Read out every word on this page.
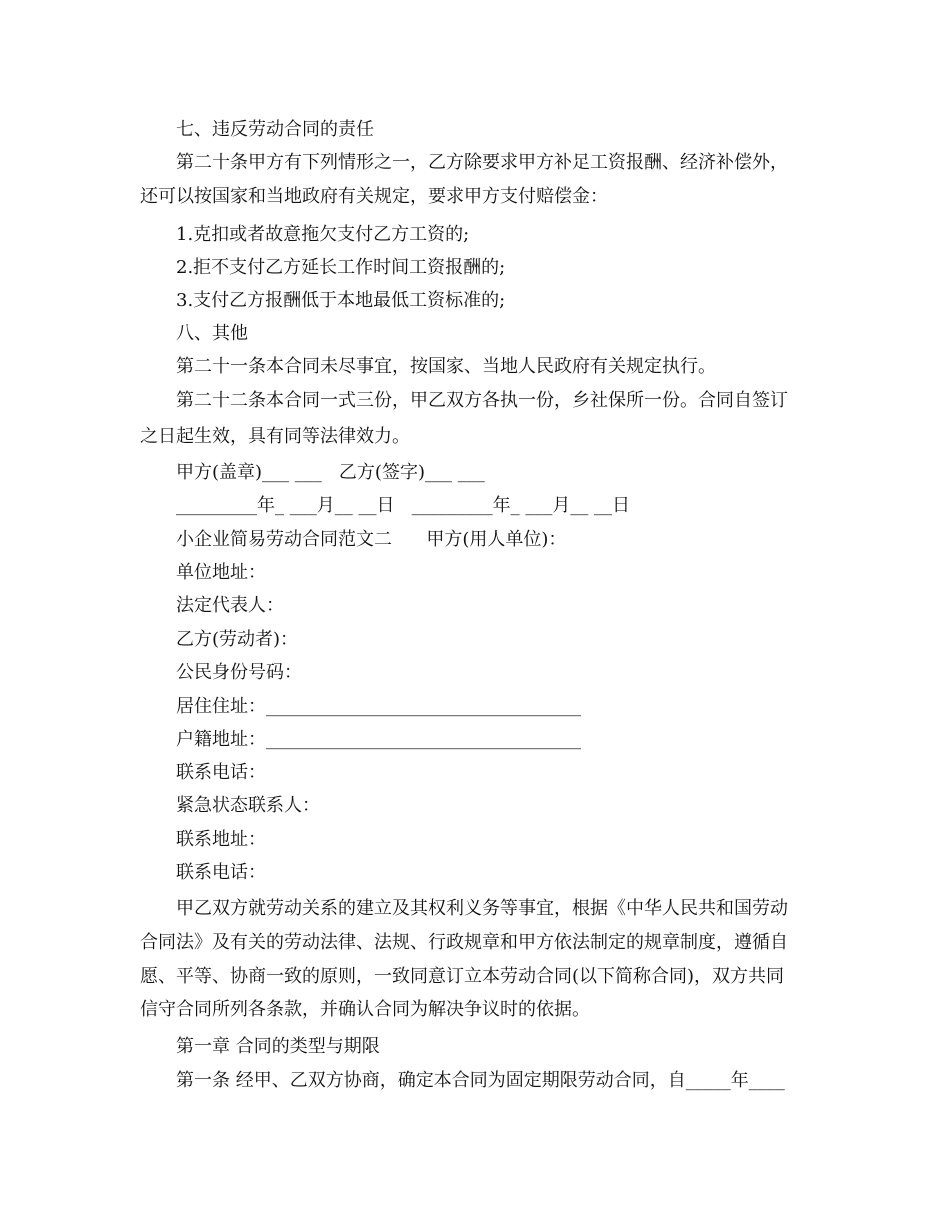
七、违反劳动合同的责任
第二十条甲方有下列情形之一，乙方除要求甲方补足工资报酬、经济补偿外，
还可以按国家和当地政府有关规定，要求甲方支付赔偿金：
1.克扣或者故意拖欠支付乙方工资的;
2.拒不支付乙方延长工作时间工资报酬的;
3.支付乙方报酬低于本地最低工资标准的;
八、其他
第二十一条本合同未尽事宜，按国家、当地人民政府有关规定执行。
第二十二条本合同一式三份，甲乙双方各执一份，乡社保所一份。合同自签订
之日起生效，具有同等法律效力。
甲方(盖章)___ ___   乙方(签字)___ ___
_________年_ ___月__ __日   _________年_ ___月__ __日
小企业简易劳动合同范文二      甲方(用人单位)：
单位地址：
法定代表人：
乙方(劳动者)：
公民身份号码：
居住住址：___________________________________
户籍地址：___________________________________
联系电话：
紧急状态联系人：
联系地址：
联系电话：
甲乙双方就劳动关系的建立及其权利义务等事宜，根据《中华人民共和国劳动
合同法》及有关的劳动法律、法规、行政规章和甲方依法制定的规章制度，遵循自
愿、平等、协商一致的原则，一致同意订立本劳动合同(以下简称合同)，双方共同
信守合同所列各条款，并确认合同为解决争议时的依据。
第一章 合同的类型与期限
第一条 经甲、乙双方协商，确定本合同为固定期限劳动合同，自_____年____
